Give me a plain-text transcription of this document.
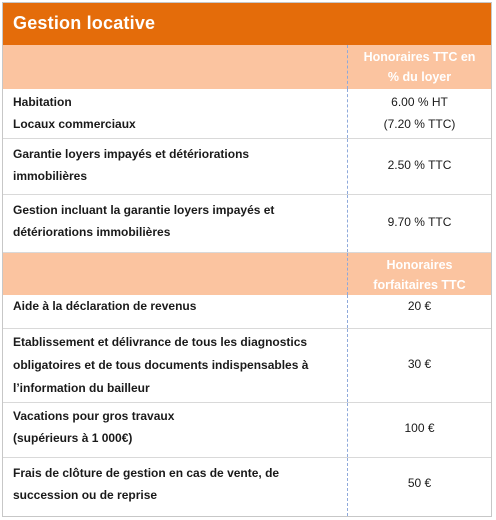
Gestion locative
Honoraires TTC en
% du loyer
Habitation
Locaux commerciaux
6.00 % HT
(7.20 % TTC)
Garantie loyers impayés et détériorations
immobilières
2.50 % TTC
Gestion incluant la garantie loyers impayés et
détériorations immobilières
9.70 % TTC
Honoraires
forfaitaires TTC
Aide à la déclaration de revenus	20 €
Etablissement et délivrance de tous les diagnostics
obligatoires et de tous documents indispensables à
l’information du bailleur
30 €
Vacations pour gros travaux
(supérieurs à 1 000€)
100 €
Frais de clôture de gestion en cas de vente, de
succession ou de reprise
50 €
